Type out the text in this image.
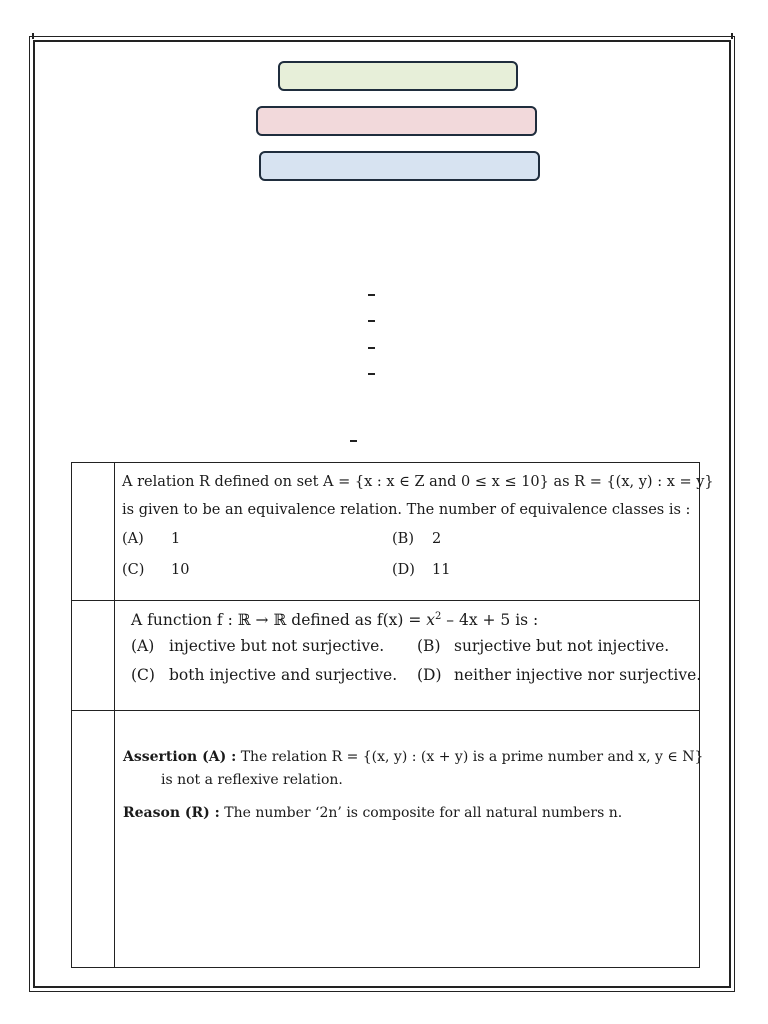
A relation R defined on set A = {x : x ∈ Z and 0 ≤ x ≤ 10} as R = {(x, y) : x = y}
is given to be an equivalence relation. The number of equivalence classes is :
(A) 1	(B) 2
(C) 10	(D) 11
A function f : ℝ → ℝ defined as $f(x) = x^2 - 4x + 5$ is :
(A) injective but not surjective. (B) surjective but not injective.
(C) both injective and surjective. (D) neither injective nor surjective.
Assertion (A) : The relation R = {(x, y) : (x + y) is a prime number and x, y ∈ N}
is not a reflexive relation.
Reason (R) : The number ‘2n’ is composite for all natural numbers n.
